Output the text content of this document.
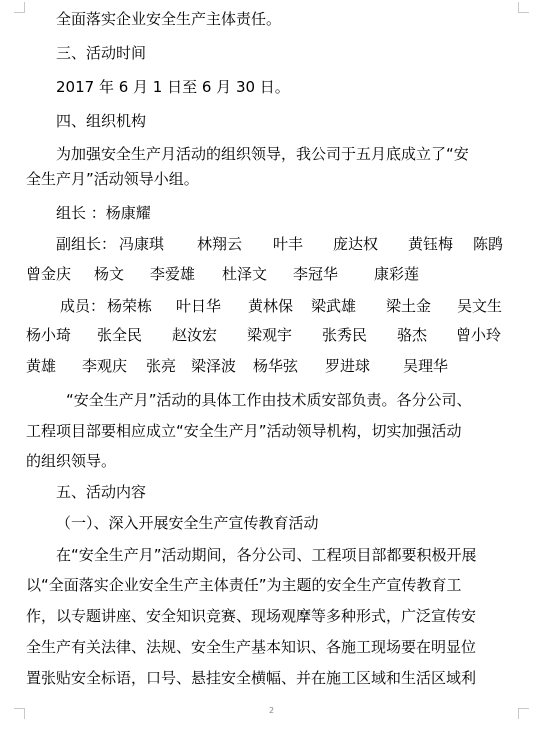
全面落实企业安全生产主体责任。
三、活动时间
2017 年 6 月 1 日至 6 月 30 日。
四、组织机构
为加强安全生产月活动的组织领导，我公司于五月底成立了“安
全生产月”活动领导小组。
组长 ：杨康耀
副组长： 冯康琪 林翔云 叶丰 庞达权 黄钰梅 陈鹍
曾金庆 杨文 李爱雄 杜泽文 李冠华 康彩莲
成员： 杨荣栋 叶日华 黄林保 梁武雄 梁土金 吴文生
杨小琦 张全民 赵汝宏 梁观宇 张秀民 骆杰 曾小玲
黄雄 李观庆 张亮 梁泽波 杨华弦 罗进球 吴理华
“安全生产月”活动的具体工作由技术质安部负责。各分公司、
工程项目部要相应成立“安全生产月”活动领导机构，切实加强活动
的组织领导。
五、活动内容
（一）、深入开展安全生产宣传教育活动
在“安全生产月”活动期间，各分公司、工程项目部都要积极开展
以“全面落实企业安全生产主体责任”为主题的安全生产宣传教育工
作，以专题讲座、安全知识竞赛、现场观摩等多种形式，广泛宣传安
全生产有关法律、法规、安全生产基本知识、各施工现场要在明显位
置张贴安全标语，口号、悬挂安全横幅、并在施工区域和生活区域利
2
